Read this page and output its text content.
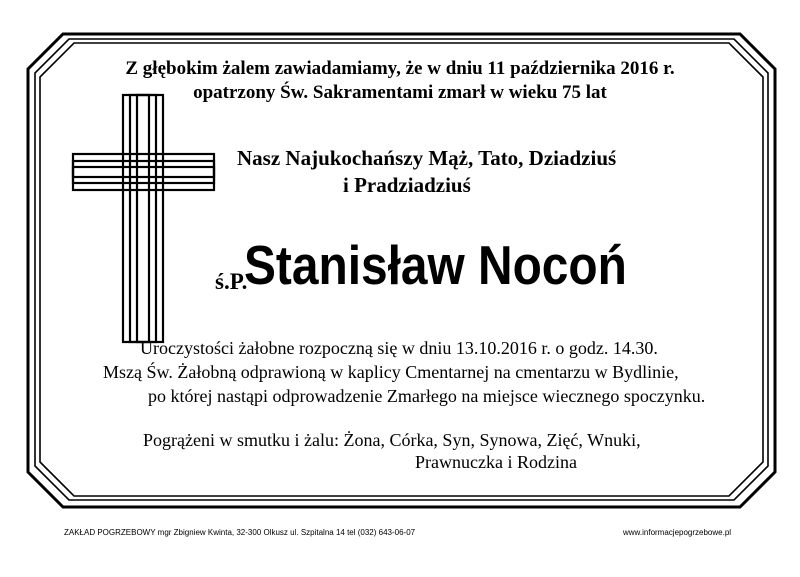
Z głębokim żalem zawiadamiamy, że w dniu 11 października 2016 r.
opatrzony Św. Sakramentami zmarł w wieku 75 lat
Nasz Najukochańszy Mąż, Tato, Dziadziuś
i Pradziadziuś
ś.P.
Stanisław Nocoń
Uroczystości żałobne rozpoczną się w dniu 13.10.2016 r. o godz. 14.30.
Mszą Św. Żałobną odprawioną w kaplicy Cmentarnej na cmentarzu w Bydlinie,
po której nastąpi odprowadzenie Zmarłego na miejsce wiecznego spoczynku.
Pogrążeni w smutku i żalu: Żona, Córka, Syn, Synowa, Zięć, Wnuki,
Prawnuczka i Rodzina
ZAKŁAD POGRZEBOWY mgr Zbigniew Kwinta, 32-300 Olkusz ul. Szpitalna 14 tel (032) 643-06-07	www.informacjepogrzebowe.pl
